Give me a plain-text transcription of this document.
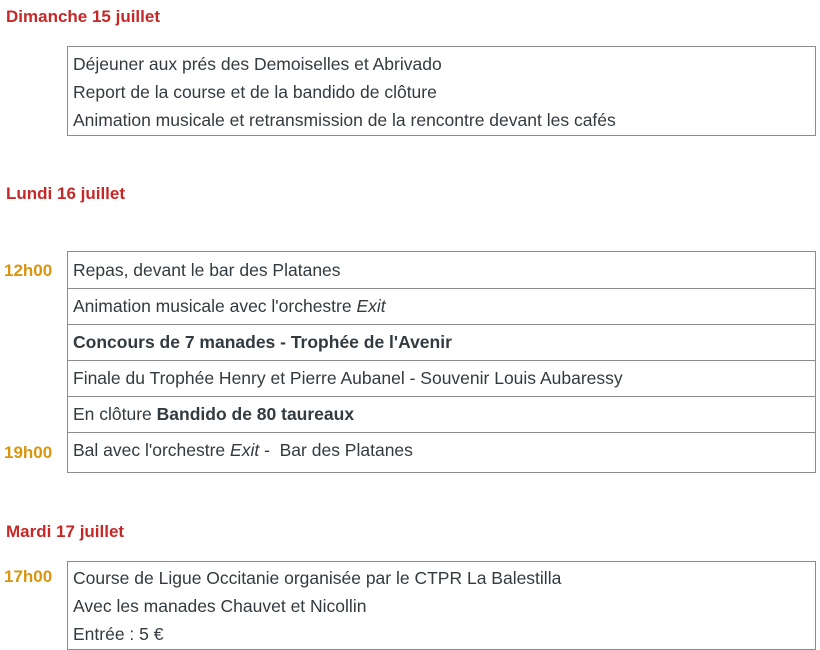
Dimanche 15 juillet
Déjeuner aux prés des Demoiselles et Abrivado
Report de la course et de la bandido de clôture
Animation musicale et retransmission de la rencontre devant les cafés
Lundi 16 juillet
12h00
19h00
Repas, devant le bar des Platanes
Animation musicale avec l'orchestre Exit
Concours de 7 manades - Trophée de l'Avenir
Finale du Trophée Henry et Pierre Aubanel - Souvenir Louis Aubaressy
En clôture Bandido de 80 taureaux
Bal avec l'orchestre Exit -  Bar des Platanes
Mardi 17 juillet
17h00 Course de Ligue Occitanie organisée par le CTPR La Balestilla
Avec les manades Chauvet et Nicollin
Entrée : 5 €
